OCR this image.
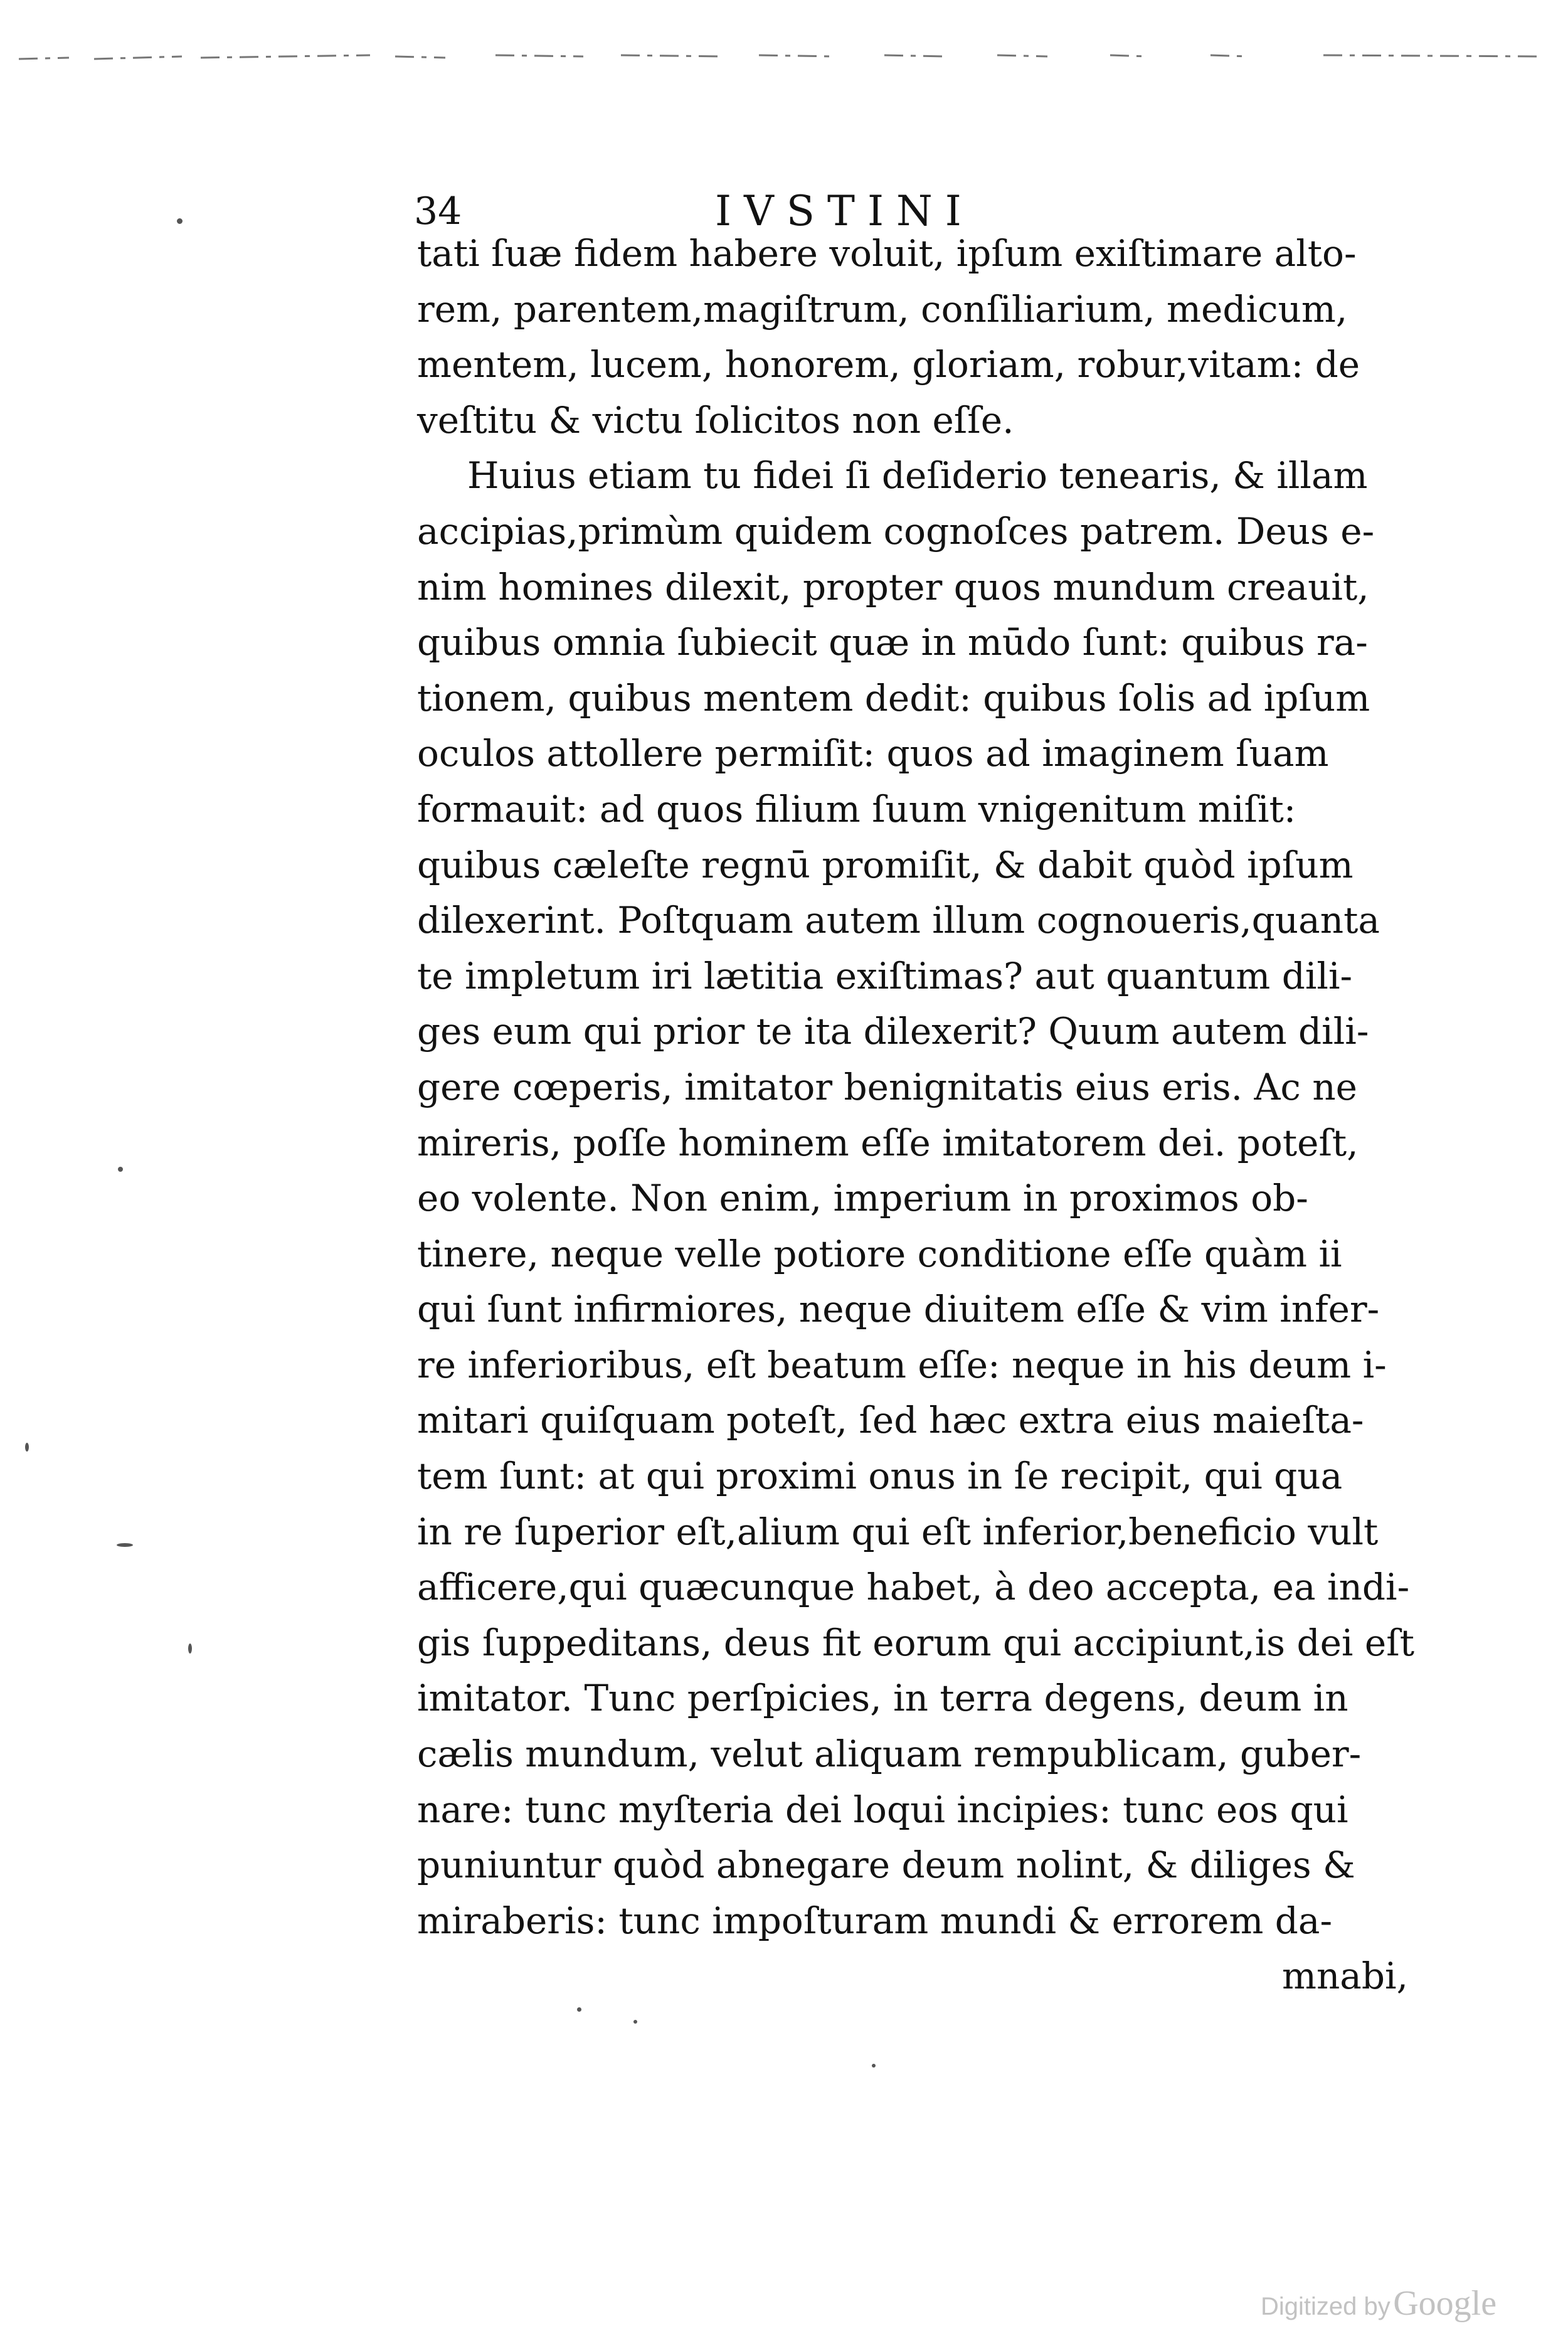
34	IVSTINI
tati ſuæ fidem habere voluit, ipſum exiſtimare alto-
rem, parentem,magiſtrum, conſiliarium, medicum,
mentem, lucem, honorem, gloriam, robur,vitam: de
veſtitu & victu ſolicitos non eſſe.
Huius etiam tu fidei ſi deſiderio tenearis, & illam
accipias,primùm quidem cognoſces patrem. Deus e-
nim homines dilexit, propter quos mundum creauit,
quibus omnia ſubiecit quæ in mūdo ſunt: quibus ra-
tionem, quibus mentem dedit: quibus ſolis ad ipſum
oculos attollere permiſit: quos ad imaginem ſuam
formauit: ad quos filium ſuum vnigenitum miſit:
quibus cæleſte regnū promiſit, & dabit quòd ipſum
dilexerint. Poſtquam autem illum cognoueris,quanta
te impletum iri lætitia exiſtimas? aut quantum dili-
ges eum qui prior te ita dilexerit? Quum autem dili-
gere cœperis, imitator benignitatis eius eris. Ac ne
mireris, poſſe hominem eſſe imitatorem dei. poteſt,
eo volente. Non enim, imperium in proximos ob-
tinere, neque velle potiore conditione eſſe quàm ii
qui ſunt infirmiores, neque diuitem eſſe & vim infer-
re inferioribus, eſt beatum eſſe: neque in his deum i-
mitari quiſquam poteſt, ſed hæc extra eius maieſta-
tem ſunt: at qui proximi onus in ſe recipit, qui qua
in re ſuperior eſt,alium qui eſt inferior,beneficio vult
afficere,qui quæcunque habet, à deo accepta, ea indi-
gis ſuppeditans, deus fit eorum qui accipiunt,is dei eſt
imitator. Tunc perſpicies, in terra degens, deum in
cælis mundum, velut aliquam rempublicam, guber-
nare: tunc myſteria dei loqui incipies: tunc eos qui
puniuntur quòd abnegare deum nolint, & diliges &
miraberis: tunc impoſturam mundi & errorem da-
mnabi,
Digitized by Google
